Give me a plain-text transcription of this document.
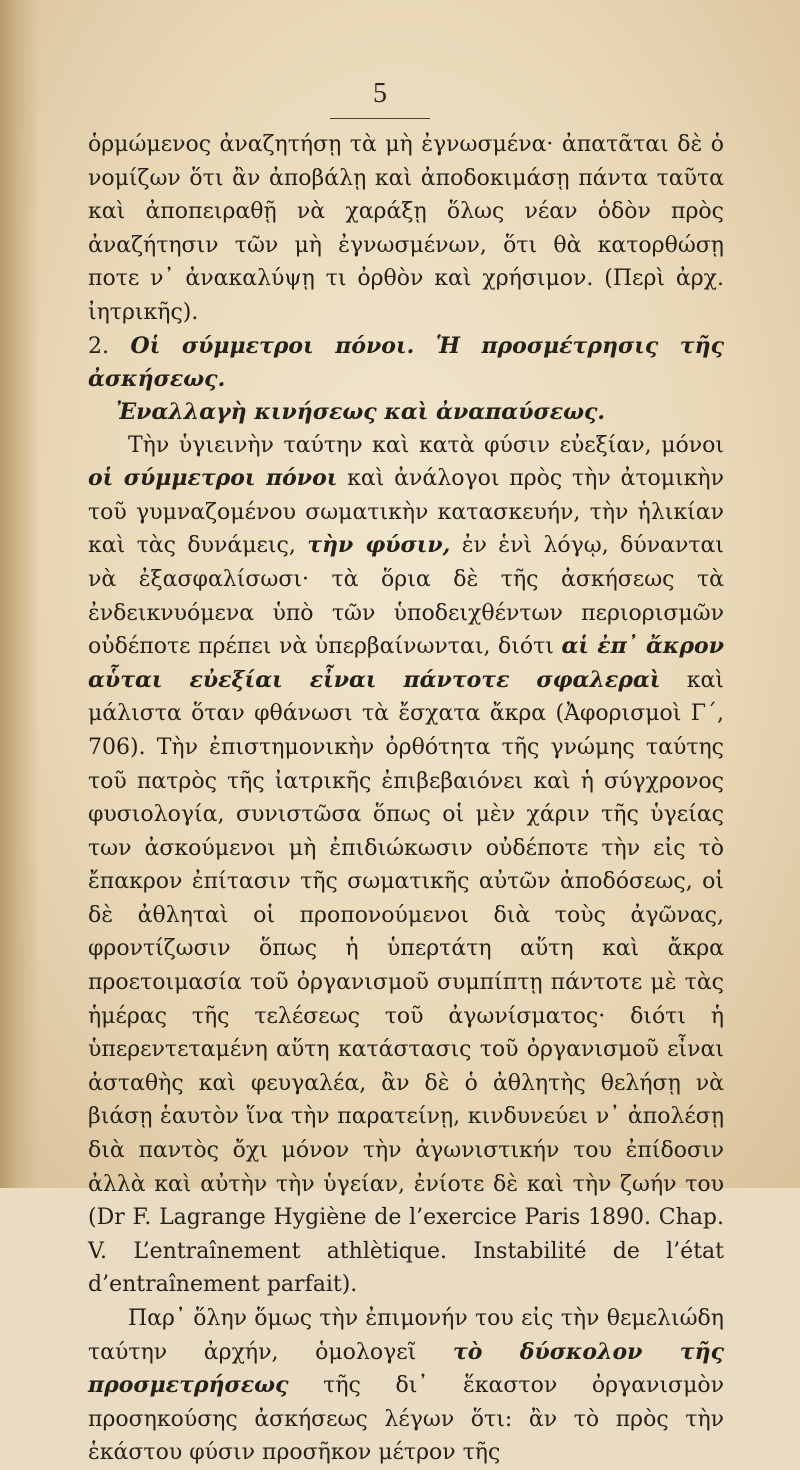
5

ὁρμώμενος ἀναζητήσῃ τὰ μὴ ἐγνωσμένα· ἀπατᾶται δὲ ὁ νομίζων ὅτι ἂν ἀποβάλῃ καὶ ἀποδοκιμάσῃ πάντα ταῦτα καὶ ἀποπειραθῇ νὰ χαράξῃ ὅλως νέαν ὁδὸν πρὸς ἀναζήτησιν τῶν μὴ ἐγνωσμένων, ὅτι θὰ κατορθώσῃ ποτε ν᾽ ἀνακαλύψῃ τι ὀρθὸν καὶ χρήσιμον. (Περὶ ἀρχ. ἰητρικῆς).

2. Οἱ σύμμετροι πόνοι. Ἡ προσμέτρησις τῆς ἀσκήσεως.
Ἐναλλαγὴ κινήσεως καὶ ἀναπαύσεως.

Τὴν ὑγιεινὴν ταύτην καὶ κατὰ φύσιν εὐεξίαν, μόνοι οἱ σύμμετροι πόνοι καὶ ἀνάλογοι πρὸς τὴν ἀτομικὴν τοῦ γυμναζομένου σωματικὴν κατασκευήν, τὴν ἡλικίαν καὶ τὰς δυνάμεις, τὴν φύσιν, ἐν ἑνὶ λόγῳ, δύνανται νὰ ἐξασφαλίσωσι· τὰ ὅρια δὲ τῆς ἀσκήσεως τὰ ἐνδεικνυόμενα ὑπὸ τῶν ὑποδειχθέντων περιορισμῶν οὐδέποτε πρέπει νὰ ὑπερβαίνωνται, διότι αἱ ἐπ᾽ ἄκρον αὗται εὐεξίαι εἶναι πάντοτε σφαλεραὶ καὶ μάλιστα ὅταν φθάνωσι τὰ ἔσχατα ἄκρα (Ἀφορισμοὶ Γ΄, 706). Τὴν ἐπιστημονικὴν ὀρθότητα τῆς γνώμης ταύτης τοῦ πατρὸς τῆς ἰατρικῆς ἐπιβεβαιόνει καὶ ἡ σύγχρονος φυσιολογία, συνιστῶσα ὅπως οἱ μὲν χάριν τῆς ὑγείας των ἀσκούμενοι μὴ ἐπιδιώκωσιν οὐδέποτε τὴν εἰς τὸ ἔπακρον ἐπίτασιν τῆς σωματικῆς αὐτῶν ἀποδόσεως, οἱ δὲ ἀθληταὶ οἱ προπονούμενοι διὰ τοὺς ἀγῶνας, φροντίζωσιν ὅπως ἡ ὑπερτάτη αὕτη καὶ ἄκρα προετοιμασία τοῦ ὀργανισμοῦ συμπίπτῃ πάντοτε μὲ τὰς ἡμέρας τῆς τελέσεως τοῦ ἀγωνίσματος· διότι ἡ ὑπερεντεταμένη αὕτη κατάστασις τοῦ ὀργανισμοῦ εἶναι ἀσταθὴς καὶ φευγαλέα, ἂν δὲ ὁ ἀθλητὴς θελήσῃ νὰ βιάσῃ ἑαυτὸν ἵνα τὴν παρατείνῃ, κινδυνεύει ν᾽ ἀπολέσῃ διὰ παντὸς ὄχι μόνον τὴν ἀγωνιστικήν του ἐπίδοσιν ἀλλὰ καὶ αὐτὴν τὴν ὑγείαν, ἐνίοτε δὲ καὶ τὴν ζωήν του (Dr F. Lagrange Hygiène de l’exercice Paris 1890. Chap. V. L’entraînement athlètique. Instabilité de l’état d’entraînement parfait).

Παρ᾽ ὅλην ὅμως τὴν ἐπιμονήν του εἰς τὴν θεμελιώδη ταύτην ἀρχήν, ὁμολογεῖ τὸ δύσκολον τῆς προσμετρήσεως τῆς δι᾽ ἕκαστον ὀργανισμὸν προσηκούσης ἀσκήσεως λέγων ὅτι: ἂν τὸ πρὸς τὴν ἑκάστου φύσιν προσῆκον μέτρον τῆς
